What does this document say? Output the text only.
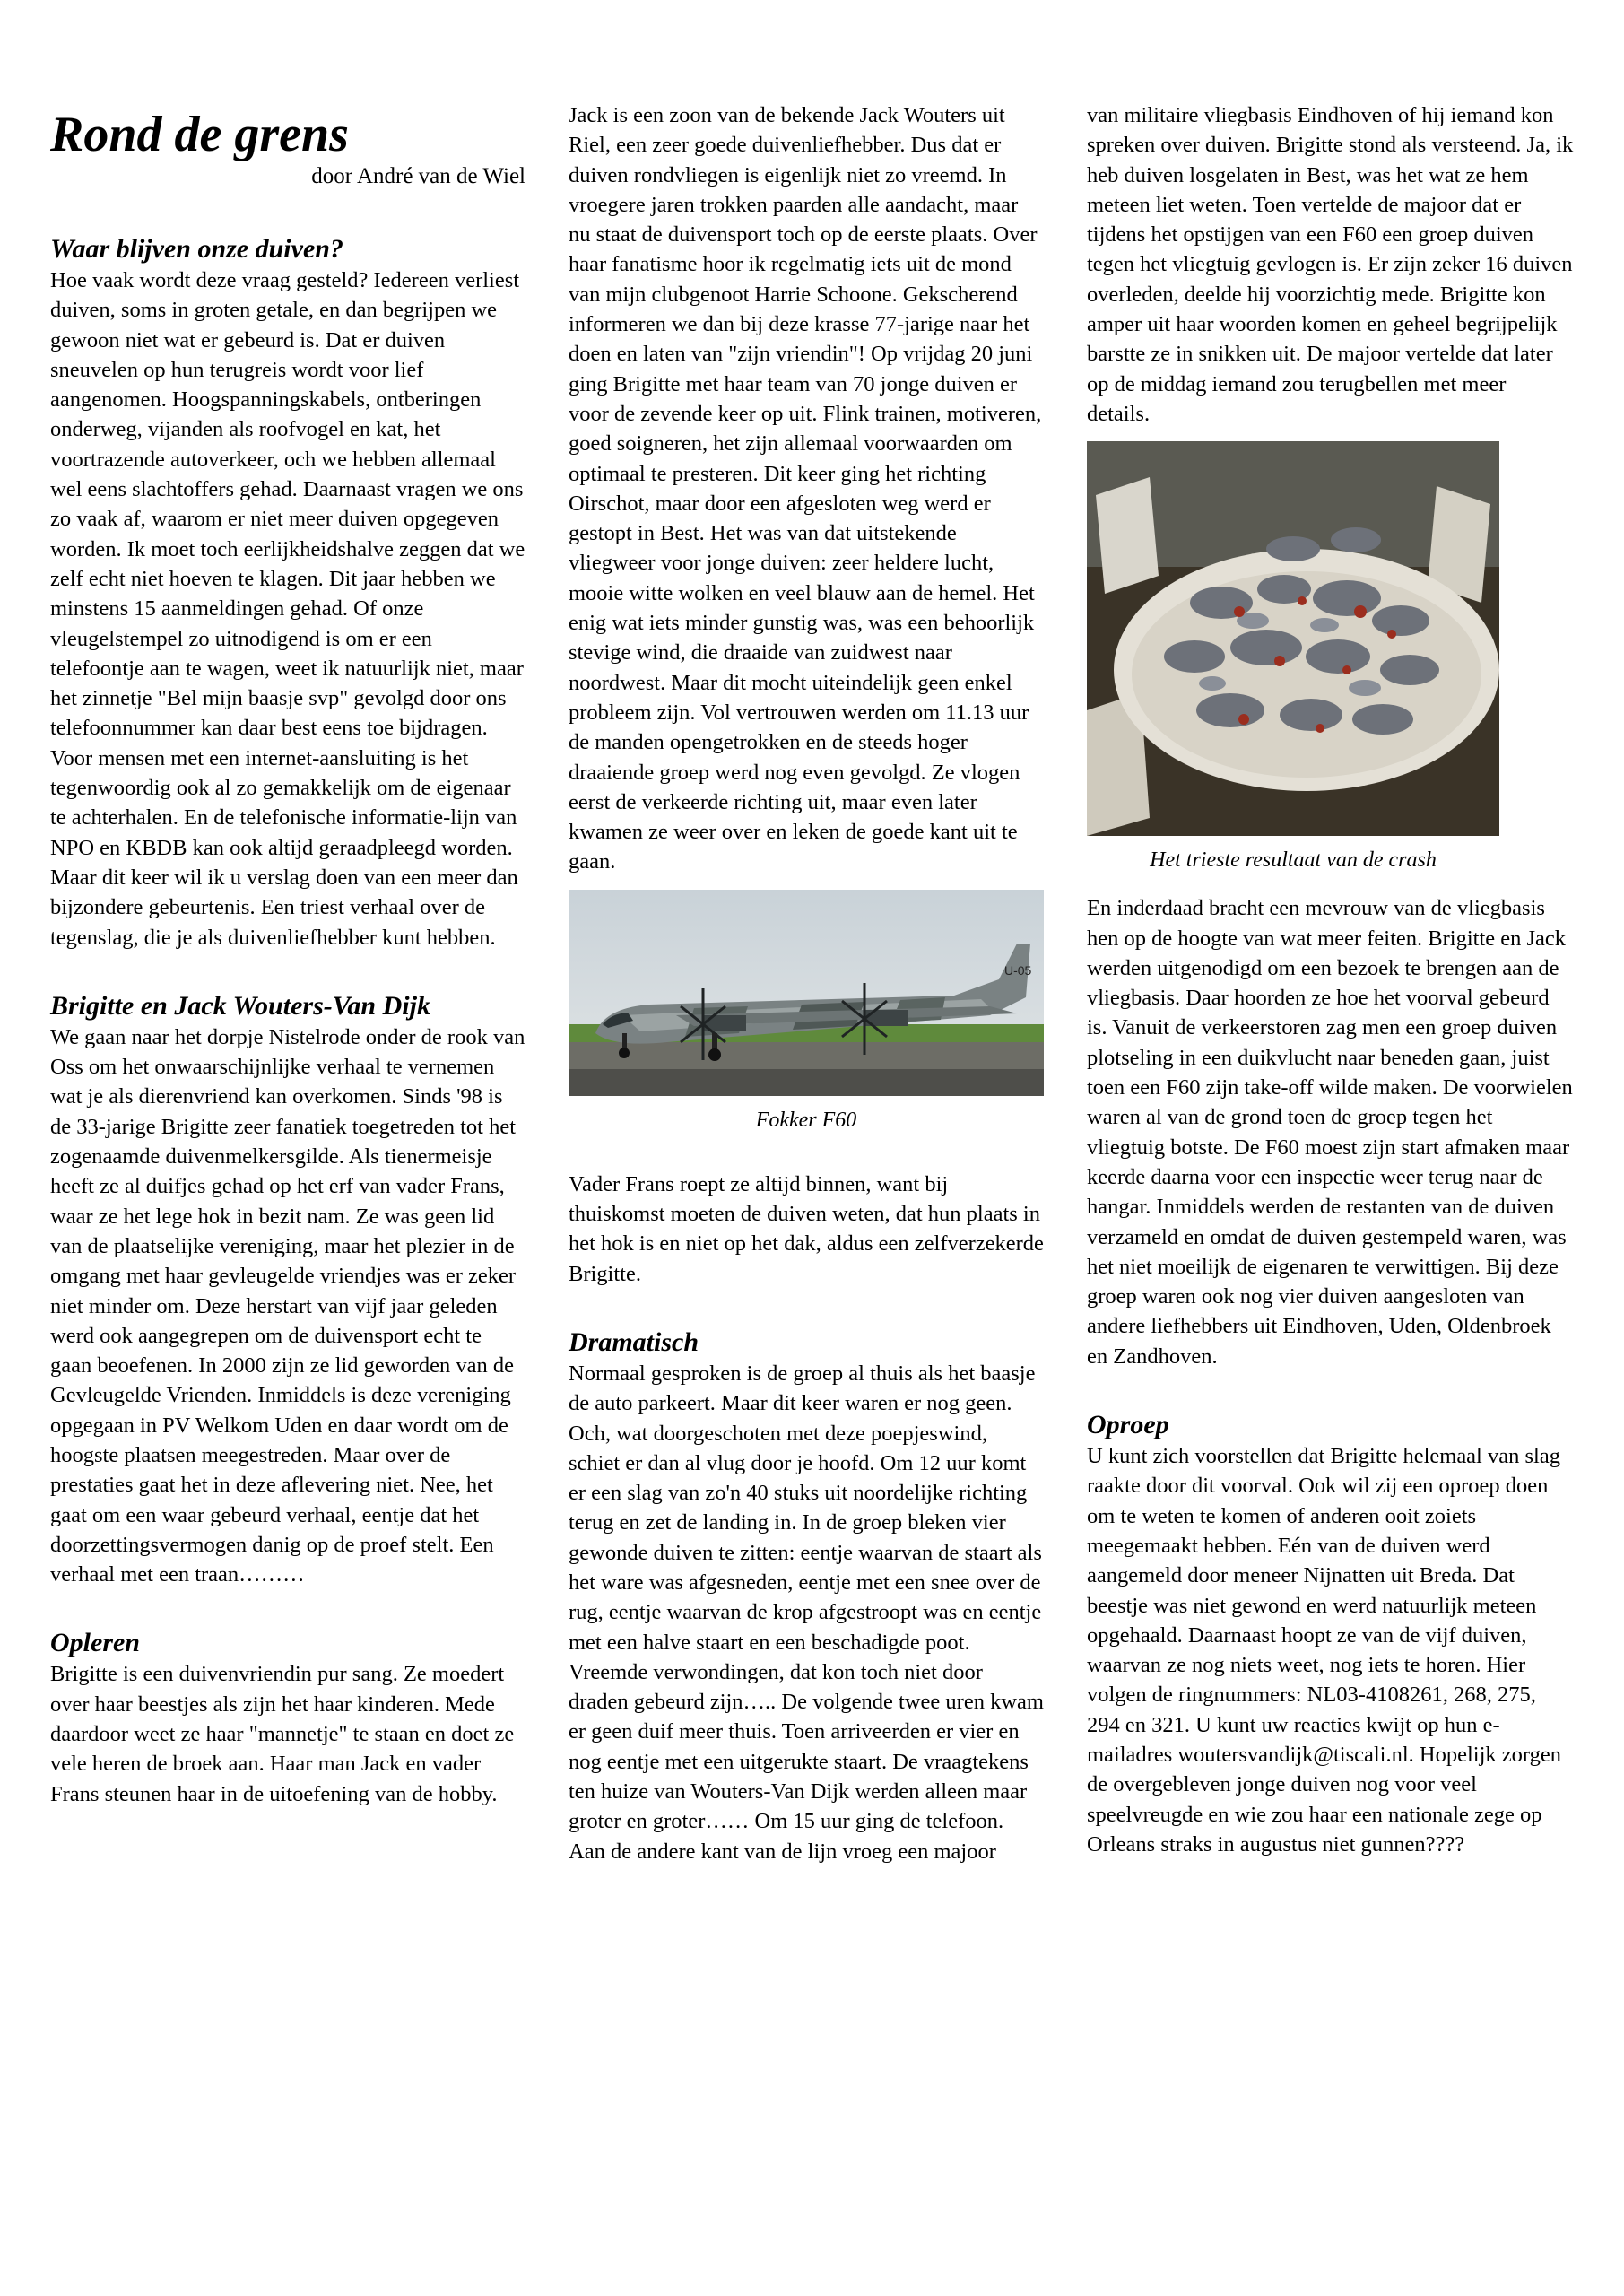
Rond de grens
door André van de Wiel
Waar blijven onze duiven?

Hoe vaak wordt deze vraag gesteld? Iedereen verliest duiven, soms in groten getale, en dan begrijpen we gewoon niet wat er gebeurd is. Dat er duiven sneuvelen op hun terugreis wordt voor lief aangenomen. Hoogspanningskabels, ontberingen onderweg, vijanden als roofvogel en kat, het voortrazende autoverkeer, och we hebben allemaal wel eens slachtoffers gehad. Daarnaast vragen we ons zo vaak af, waarom er niet meer duiven opgegeven worden. Ik moet toch eerlijkheidshalve zeggen dat we zelf echt niet hoeven te klagen. Dit jaar hebben we minstens 15 aanmeldingen gehad. Of onze vleugelstempel zo uitnodigend is om er een telefoontje aan te wagen, weet ik natuurlijk niet, maar het zinnetje "Bel mijn baasje svp" gevolgd door ons telefoonnummer kan daar best eens toe bijdragen. Voor mensen met een internet-aansluiting is het tegenwoordig ook al zo gemakkelijk om de eigenaar te achterhalen. En de telefonische informatie-lijn van NPO en KBDB kan ook altijd geraadpleegd worden.

Maar dit keer wil ik u verslag doen van een meer dan bijzondere gebeurtenis. Een triest verhaal over de tegenslag, die je als duivenliefhebber kunt hebben.

Brigitte en Jack Wouters-Van Dijk

We gaan naar het dorpje Nistelrode onder de rook van Oss om het onwaarschijnlijke verhaal te vernemen wat je als dierenvriend kan overkomen. Sinds '98 is de 33-jarige Brigitte zeer fanatiek toegetreden tot het zogenaamde duivenmelkersgilde. Als tienermeisje heeft ze al duifjes gehad op het erf van vader Frans, waar ze het lege hok in bezit nam. Ze was geen lid van de plaatselijke vereniging, maar het plezier in de omgang met haar gevleugelde vriendjes was er zeker niet minder om. Deze herstart van vijf jaar geleden werd ook aangegrepen om de duivensport echt te gaan beoefenen. In 2000 zijn ze lid geworden van de Gevleugelde Vrienden. Inmiddels is deze vereniging opgegaan in PV Welkom Uden en daar wordt om de hoogste plaatsen meegestreden. Maar over de prestaties gaat het in deze aflevering niet. Nee, het gaat om een waar gebeurd verhaal, eentje dat het doorzettingsvermogen danig op de proef stelt. Een verhaal met een traan………

Opleren

Brigitte is een duivenvriendin pur sang. Ze moedert over haar beestjes als zijn het haar kinderen. Mede daardoor weet ze haar "mannetje" te staan en doet ze vele heren de broek aan. Haar man Jack en vader Frans steunen haar in de uitoefening van de hobby.

Jack is een zoon van de bekende Jack Wouters uit Riel, een zeer goede duivenliefhebber. Dus dat er duiven rondvliegen is eigenlijk niet zo vreemd. In vroegere jaren trokken paarden alle aandacht, maar nu staat de duivensport toch op de eerste plaats. Over haar fanatisme hoor ik regelmatig iets uit de mond van mijn clubgenoot Harrie Schoone. Gekscherend informeren we dan bij deze krasse 77-jarige naar het doen en laten van "zijn vriendin"! Op vrijdag 20 juni ging Brigitte met haar team van 70 jonge duiven er voor de zevende keer op uit. Flink trainen, motiveren, goed soigneren, het zijn allemaal voorwaarden om optimaal te presteren. Dit keer ging het richting Oirschot, maar door een afgesloten weg werd er gestopt in Best. Het was van dat uitstekende vliegweer voor jonge duiven: zeer heldere lucht, mooie witte wolken en veel blauw aan de hemel. Het enig wat iets minder gunstig was, was een behoorlijk stevige wind, die draaide van zuidwest naar noordwest. Maar dit mocht uiteindelijk geen enkel probleem zijn. Vol vertrouwen werden om 11.13 uur de manden opengetrokken en de steeds hoger draaiende groep werd nog even gevolgd. Ze vlogen eerst de verkeerde richting uit, maar even later kwamen ze weer over en leken de goede kant uit te gaan.

U-05
Fokker F60

Vader Frans roept ze altijd binnen, want bij thuiskomst moeten de duiven weten, dat hun plaats in het hok is en niet op het dak, aldus een zelfverzekerde Brigitte.

Dramatisch

Normaal gesproken is de groep al thuis als het baasje de auto parkeert. Maar dit keer waren er nog geen. Och, wat doorgeschoten met deze poepjeswind, schiet er dan al vlug door je hoofd. Om 12 uur komt er een slag van zo'n 40 stuks uit noordelijke richting terug en zet de landing in. In de groep bleken vier gewonde duiven te zitten: eentje waarvan de staart als het ware was afgesneden, eentje met een snee over de rug, eentje waarvan de krop afgestroopt was en eentje met een halve staart en een beschadigde poot. Vreemde verwondingen, dat kon toch niet door draden gebeurd zijn….. De volgende twee uren kwam er geen duif meer thuis. Toen arriveerden er vier en nog eentje met een uitgerukte staart. De vraagtekens ten huize van Wouters-Van Dijk werden alleen maar groter en groter…… Om 15 uur ging de telefoon. Aan de andere kant van de lijn vroeg een majoor

van militaire vliegbasis Eindhoven of hij iemand kon spreken over duiven. Brigitte stond als versteend. Ja, ik heb duiven losgelaten in Best, was het wat ze hem meteen liet weten. Toen vertelde de majoor dat er tijdens het opstijgen van een F60 een groep duiven tegen het vliegtuig gevlogen is. Er zijn zeker 16 duiven overleden, deelde hij voorzichtig mede. Brigitte kon amper uit haar woorden komen en geheel begrijpelijk barstte ze in snikken uit. De majoor vertelde dat later op de middag iemand zou terugbellen met meer details.

Het trieste resultaat van de crash

En inderdaad bracht een mevrouw van de vliegbasis hen op de hoogte van wat meer feiten. Brigitte en Jack werden uitgenodigd om een bezoek te brengen aan de vliegbasis. Daar hoorden ze hoe het voorval gebeurd is. Vanuit de verkeerstoren zag men een groep duiven plotseling in een duikvlucht naar beneden gaan, juist toen een F60 zijn take-off wilde maken. De voorwielen waren al van de grond toen de groep tegen het vliegtuig botste. De F60 moest zijn start afmaken maar keerde daarna voor een inspectie weer terug naar de hangar. Inmiddels werden de restanten van de duiven verzameld en omdat de duiven gestempeld waren, was het niet moeilijk de eigenaren te verwittigen. Bij deze groep waren ook nog vier duiven aangesloten van andere liefhebbers uit Eindhoven, Uden, Oldenbroek en Zandhoven.

Oproep

U kunt zich voorstellen dat Brigitte helemaal van slag raakte door dit voorval. Ook wil zij een oproep doen om te weten te komen of anderen ooit zoiets meegemaakt hebben. Eén van de duiven werd aangemeld door meneer Nijnatten uit Breda. Dat beestje was niet gewond en werd natuurlijk meteen opgehaald. Daarnaast hoopt ze van de vijf duiven, waarvan ze nog niets weet, nog iets te horen. Hier volgen de ringnummers: NL03-4108261, 268, 275, 294 en 321. U kunt uw reacties kwijt op hun e-mailadres woutersvandijk@tiscali.nl. Hopelijk zorgen de overgebleven jonge duiven nog voor veel speelvreugde en wie zou haar een nationale zege op Orleans straks in augustus niet gunnen????
